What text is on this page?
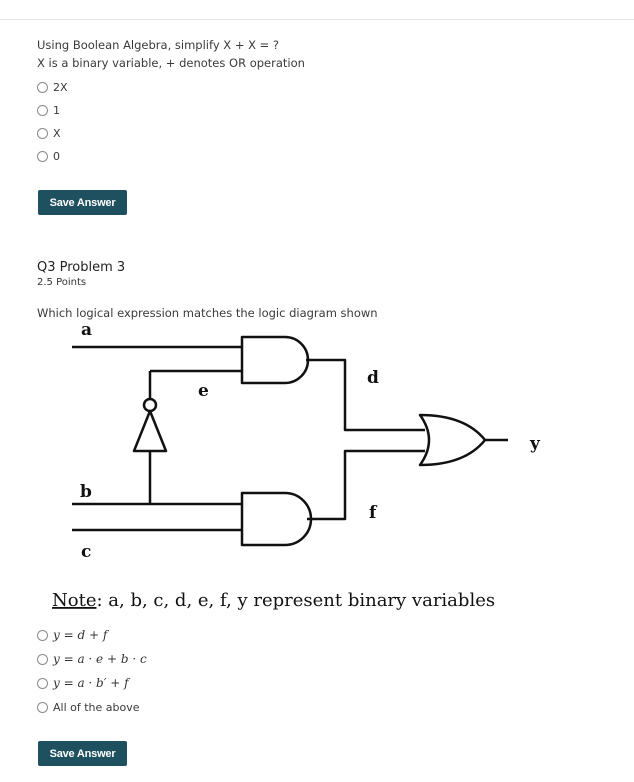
Using Boolean Algebra, simplify X + X = ?
X is a binary variable, + denotes OR operation
2X
1
X
0
Save Answer
Q3 Problem 3
2.5 Points
Which logical expression matches the logic diagram shown
a
e
d
y
b
f
c
Note: a, b, c, d, e, f, y represent binary variables
y = d + f
y = a · e + b · c
y = a · b′ + f
All of the above
Save Answer
